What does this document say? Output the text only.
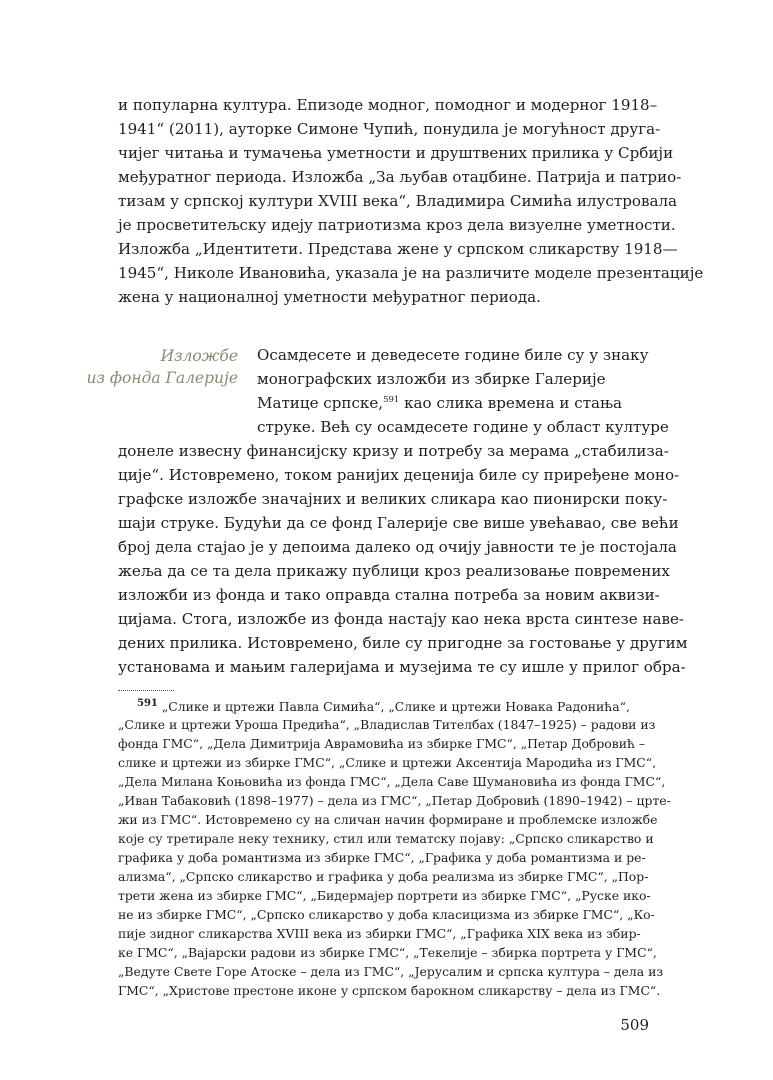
и популарна култура. Епизоде модног, помодног и модерног 1918–

1941“ (2011), ауторке Симоне Чупић, понудила је могућност друга-

чијег читања и тумачења уметности и друштвених прилика у Србији

међуратног периода. Изложба „За љубав отаџбине. Патрија и патрио-

тизам у српској култури XVIII века“, Владимира Симића илустровала

је просветитељску идеју патриотизма кроз дела визуелне уметности.

Изложба „Идентитети. Представа жене у српском сликарству 1918—

1945“, Николе Ивановића, указала је на различите моделе презентације

жена у националној уметности међуратног периода.

Изложбе
из фонда Галерије

Осамдесете и деведесете године биле су у знаку

монографских изложби из збирке Галерије

Матице српске,$^{591}$ као слика времена и стања

струке. Већ су осамдесете године у област културе

донеле извесну финансијску кризу и потребу за мерама „стабилиза-

ције“. Истовремено, током ранијих деценија биле су приређене моно-

графске изложбе значајних и великих сликара као пионирски поку-

шаји струке. Будући да се фонд Галерије све више увећавао, све већи

број дела стајао је у депоима далеко од очију јавности те је постојала

жеља да се та дела прикажу публици кроз реализовање повремених

изложби из фонда и тако оправда стална потреба за новим аквизи-

цијама. Стога, изложбе из фонда настају као нека врста синтезе наве-

дених прилика. Истовремено, биле су пригодне за гостовање у другим

установама и мањим галеријама и музејима те су ишле у прилог обра-

$^{591}$ „Слике и цртежи Павла Симића“, „Слике и цртежи Новака Радонића“,

„Слике и цртежи Уроша Предића“, „Владислав Тителбах (1847–1925) – радови из

фонда ГМС“, „Дела Димитрија Аврамовића из збирке ГМС“, „Петар Добровић –

слике и цртежи из збирке ГМС“, „Слике и цртежи Аксентија Мародића из ГМС“,

„Дела Милана Коњовића из фонда ГМС“, „Дела Саве Шумановића из фонда ГМС“,

„Иван Табаковић (1898–1977) – дела из ГМС“, „Петар Добровић (1890–1942) – црте-

жи из ГМС“. Истовремено су на сличан начин формиране и проблемске изложбе

које су третирале неку технику, стил или тематску појаву: „Српско сликарство и

графика у доба романтизма из збирке ГМС“, „Графика у доба романтизма и ре-

ализма“, „Српско сликарство и графика у доба реализма из збирке ГМС“, „Пор-

трети жена из збирке ГМС“, „Бидермајер портрети из збирке ГМС“, „Руске ико-

не из збирке ГМС“, „Српско сликарство у доба класицизма из збирке ГМС“, „Ко-

пије зидног сликарства XVIII века из збирки ГМС“, „Графика XIX века из збир-

ке ГМС“, „Вајарски радови из збирке ГМС“, „Текелије – збирка портрета у ГМС“,

„Ведуте Свете Горе Атоске – дела из ГМС“, „Јерусалим и српска култура – дела из

ГМС“, „Христове престоне иконе у српском барокном сликарству – дела из ГМС“.

509
